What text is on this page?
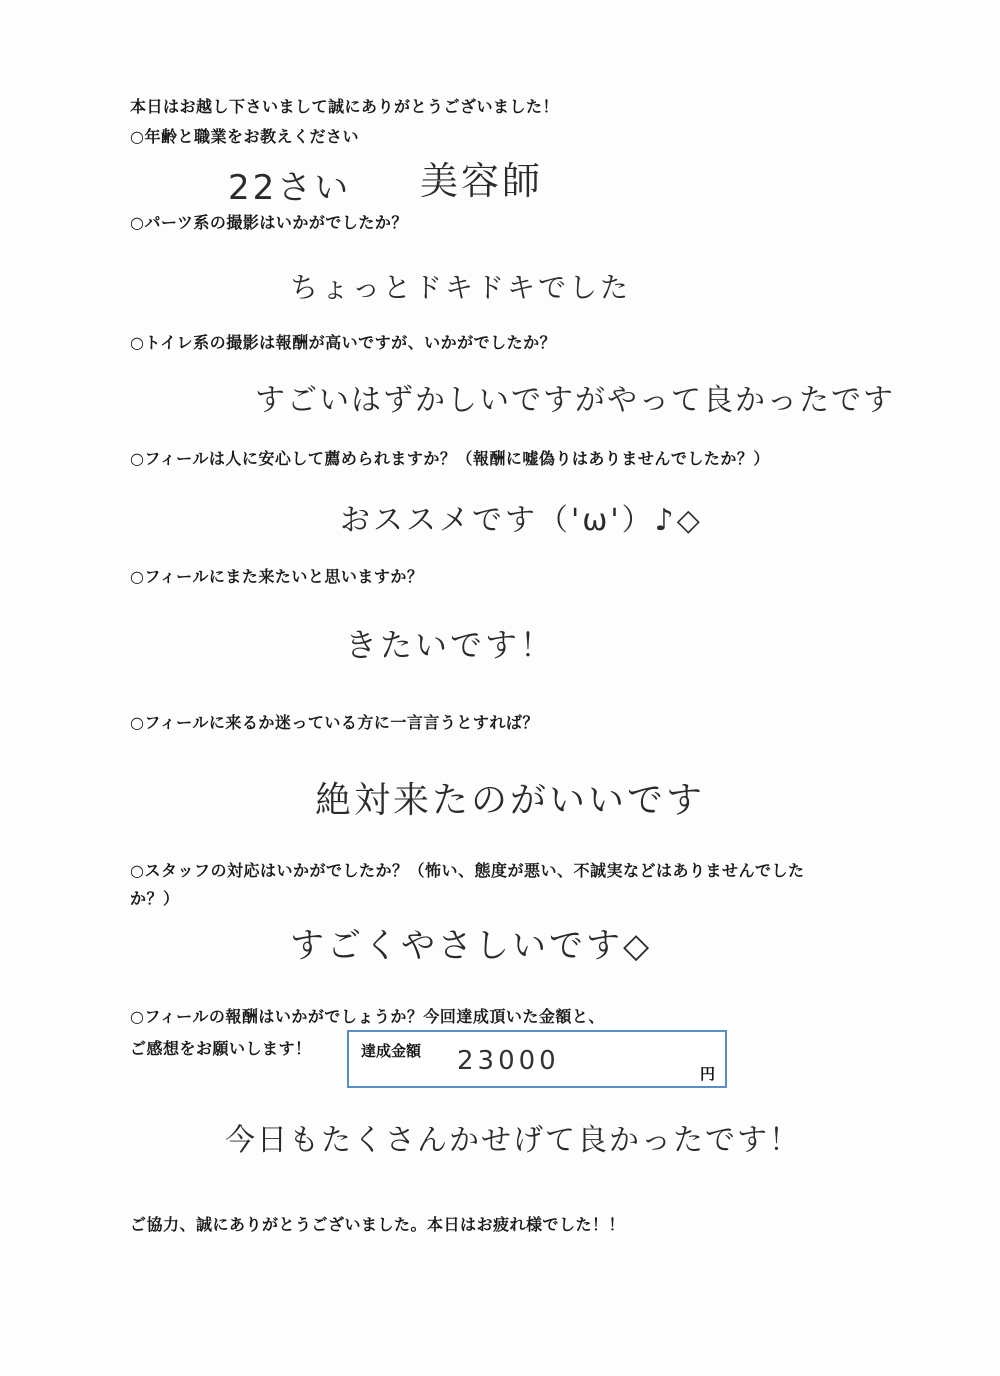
本日はお越し下さいまして誠にありがとうございました！
○年齢と職業をお教えください
22さい 美容師
○パーツ系の撮影はいかがでしたか？
ちょっとドキドキでした
○トイレ系の撮影は報酬が高いですが、いかがでしたか？
すごいはずかしいですがやって良かったです
○フィールは人に安心して薦められますか？（報酬に嘘偽りはありませんでしたか？）
おススメです（'ω'）♪◇
○フィールにまた来たいと思いますか？
きたいです！
○フィールに来るか迷っている方に一言言うとすれば？
絶対来たのがいいです
○スタッフの対応はいかがでしたか？（怖い、態度が悪い、不誠実などはありませんでした
か？）
すごくやさしいです◇
○フィールの報酬はいかがでしょうか？今回達成頂いた金額と、
ご感想をお願いします！	達成金額 23000	円
今日もたくさんかせげて良かったです！
ご協力、誠にありがとうございました。本日はお疲れ様でした！！
